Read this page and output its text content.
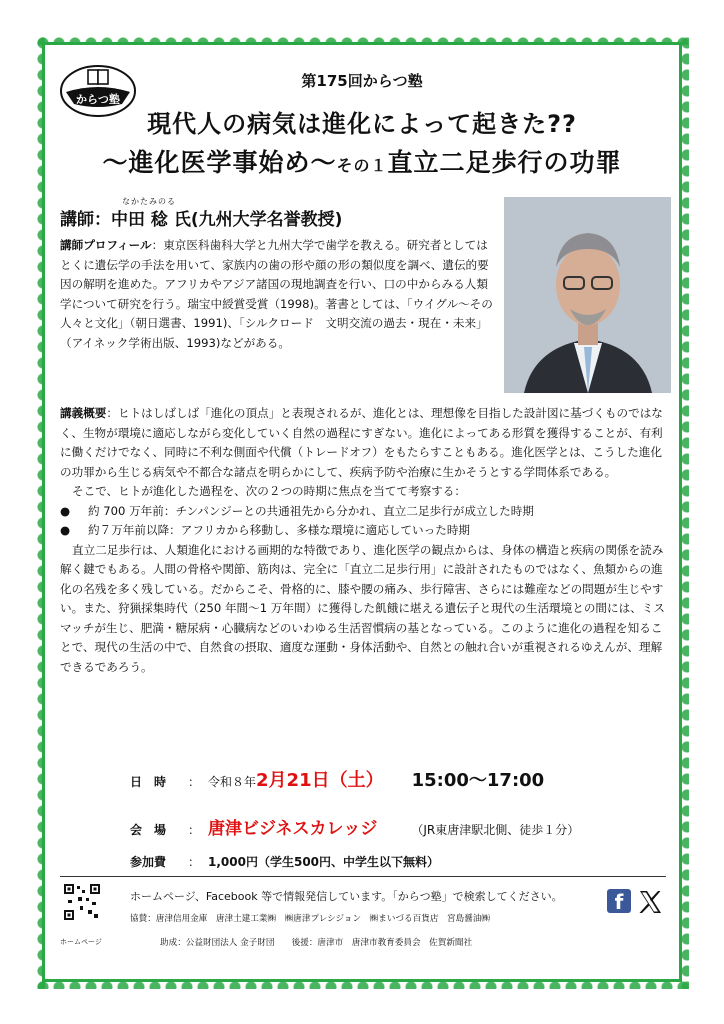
からつ塾
第175回からつ塾
現代人の病気は進化によって起きた??
～進化医学事始め～その１直立二足歩行の功罪
なかたみのる
講師：中田 稔 氏(九州大学名誉教授)
講師プロフィール：東京医科歯科大学と九州大学で歯学を教える。研究者としてはとくに遺伝学の手法を用いて、家族内の歯の形や顔の形の類似度を調べ、遺伝的要因の解明を進めた。アフリカやアジア諸国の現地調査を行い、口の中からみる人類学について研究を行う。瑞宝中綬賞受賞（1998)。著書としては、「ウイグル～その人々と文化」（朝日選書、1991)、「シルクロード　文明交流の過去・現在・未来」（アイネック学術出版、1993)などがある。

講義概要：ヒトはしばしば「進化の頂点」と表現されるが、進化とは、理想像を目指した設計図に基づくものではなく、生物が環境に適応しながら変化していく自然の過程にすぎない。進化によってある形質を獲得することが、有利に働くだけでなく、同時に不利な側面や代償（トレードオフ）をもたらすこともある。進化医学とは、こうした進化の功罪から生じる病気や不都合な諸点を明らかにして、疾病予防や治療に生かそうとする学問体系である。

そこで、ヒトが進化した過程を、次の２つの時期に焦点を当てて考察する：

●	約 700 万年前：チンパンジーとの共通祖先から分かれ、直立二足歩行が成立した時期
●	約７万年前以降：アフリカから移動し、多様な環境に適応していった時期

直立二足歩行は、人類進化における画期的な特徴であり、進化医学の観点からは、身体の構造と疾病の関係を読み解く鍵でもある。人間の骨格や関節、筋肉は、完全に「直立二足歩行用」に設計されたものではなく、魚類からの進化の名残を多く残している。だからこそ、骨格的に、膝や腰の痛み、歩行障害、さらには難産などの問題が生じやすい。また、狩猟採集時代（250 年間～1 万年間）に獲得した飢餓に堪える遺伝子と現代の生活環境との間には、ミスマッチが生じ、肥満・糖尿病・心臓病などのいわゆる生活習慣病の基となっている。このように進化の過程を知ることで、現代の生活の中で、自然食の摂取、適度な運動・身体活動や、自然との触れ合いが重視されるゆえんが、理解できるであろう。

日　時 ： 令和８年2月21日（土） 15:00～17:00
会　場 ： 唐津ビジネスカレッジ	（JR東唐津駅北側、徒歩１分）
参加費 ： 1,000円（学生500円、中学生以下無料）
ホームページ
ホームページ、Facebook 等で情報発信しています。「からつ塾」で検索してください。
協賛：唐津信用金庫　唐津土建工業㈱　㈱唐津プレシジョン　㈱まいづる百貨店　宮島醤油㈱
助成：公益財団法人 金子財団　　後援：唐津市　唐津市教育委員会　佐賀新聞社
f
